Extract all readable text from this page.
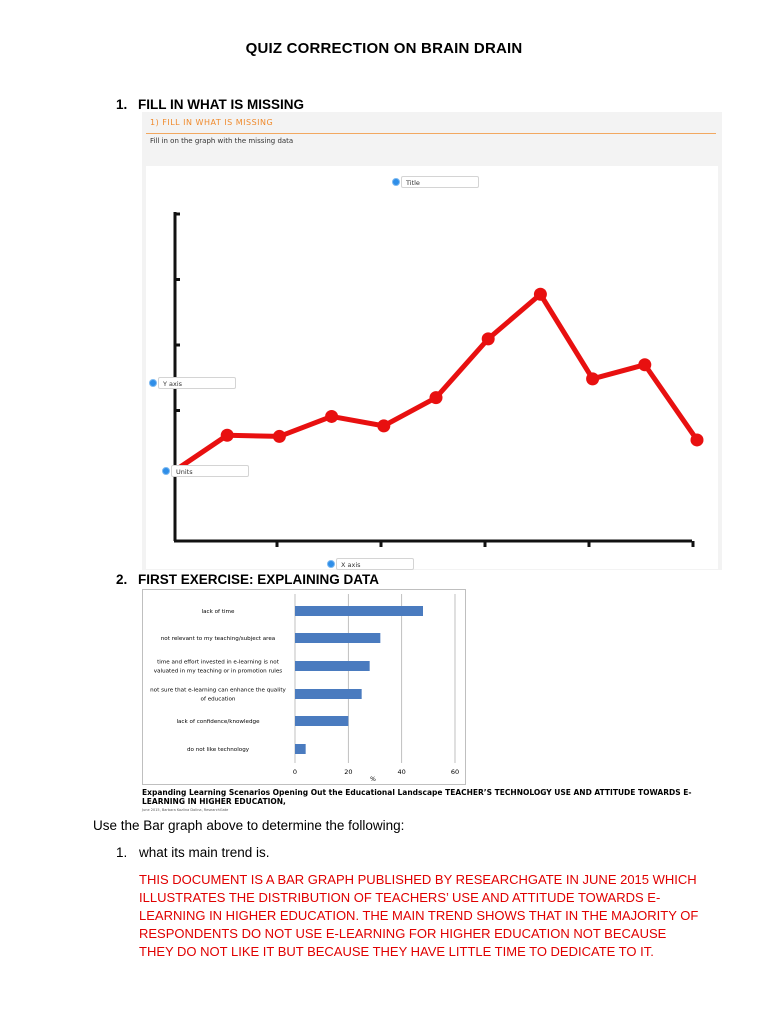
QUIZ CORRECTION ON BRAIN DRAIN
1. FILL IN WHAT IS MISSING
1) FILL IN WHAT IS MISSING
Fill in on the graph with the missing data
Title
Y axis
Units
X axis
2. FIRST EXERCISE: EXPLAINING DATA
lack of time
not relevant to my teaching/subject area
time and effort invested in e-learning is not valuated in my teaching or in promotion rules
not sure that e-learning can enhance the quality of education
lack of confidence/knowledge
do not like technology
0	20	40	60
%
Expanding Learning Scenarios Opening Out the Educational Landscape TEACHER’S TECHNOLOGY USE AND ATTITUDE TOWARDS E- LEARNING IN HIGHER EDUCATION,
June 2015, Barbara Kozlina Dolina, ResearchGate
Use the Bar graph above to determine the following:
1. what its main trend is.
THIS DOCUMENT IS A BAR GRAPH PUBLISHED BY RESEARCHGATE IN JUNE 2015 WHICH ILLUSTRATES THE DISTRIBUTION OF TEACHERS’ USE AND ATTITUDE TOWARDS E-LEARNING IN HIGHER EDUCATION. THE MAIN TREND SHOWS THAT IN THE MAJORITY OF RESPONDENTS DO NOT USE E-LEARNING FOR HIGHER EDUCATION NOT BECAUSE THEY DO NOT LIKE IT BUT BECAUSE THEY HAVE LITTLE TIME TO DEDICATE TO IT.
